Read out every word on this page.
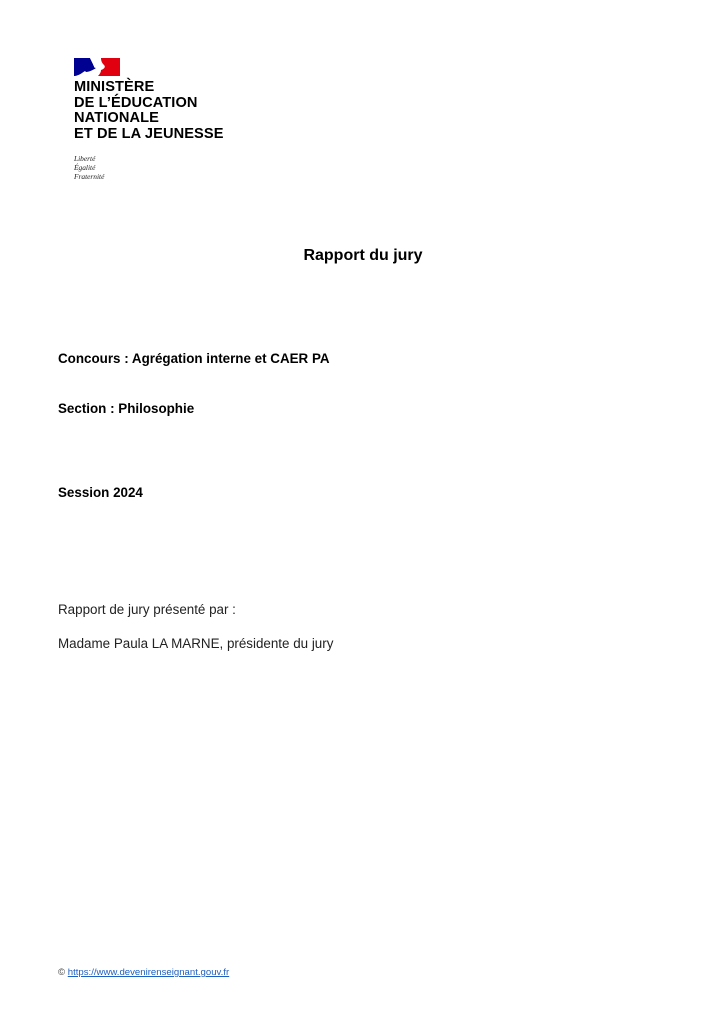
MINISTÈRE
DE L’ÉDUCATION
NATIONALE
ET DE LA JEUNESSE
Liberté
Égalité
Fraternité
Rapport du jury
Concours : Agrégation interne et CAER PA
Section : Philosophie
Session 2024
Rapport de jury présenté par :
Madame Paula LA MARNE, présidente du jury
© https://www.devenirenseignant.gouv.fr
